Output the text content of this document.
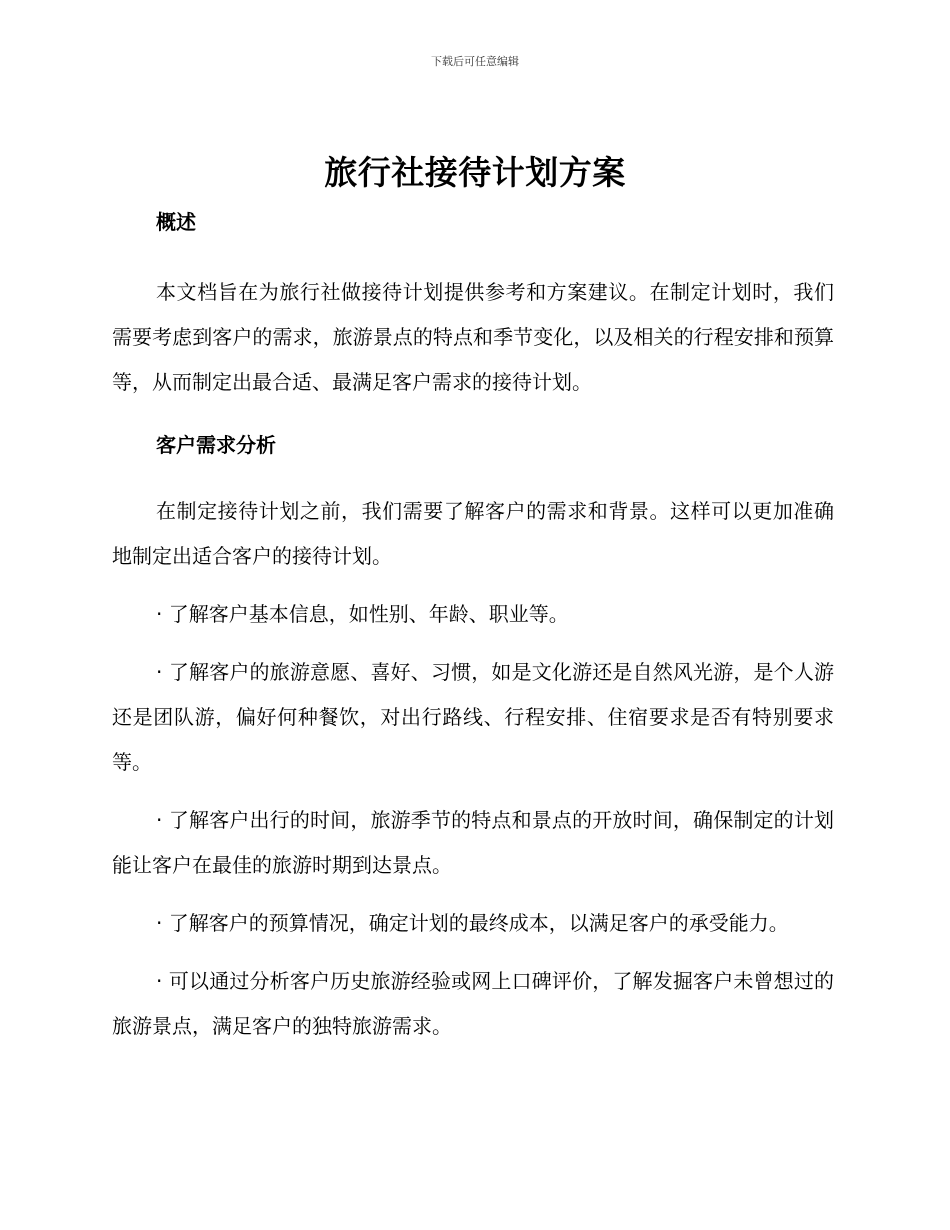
下载后可任意编辑
旅行社接待计划方案
概述

本文档旨在为旅行社做接待计划提供参考和方案建议。在制定计划时，我们需要考虑到客户的需求，旅游景点的特点和季节变化，以及相关的行程安排和预算等，从而制定出最合适、最满足客户需求的接待计划。

客户需求分析

在制定接待计划之前，我们需要了解客户的需求和背景。这样可以更加准确地制定出适合客户的接待计划。

· 了解客户基本信息，如性别、年龄、职业等。

· 了解客户的旅游意愿、喜好、习惯，如是文化游还是自然风光游，是个人游还是团队游，偏好何种餐饮，对出行路线、行程安排、住宿要求是否有特别要求等。

· 了解客户出行的时间，旅游季节的特点和景点的开放时间，确保制定的计划能让客户在最佳的旅游时期到达景点。

· 了解客户的预算情况，确定计划的最终成本，以满足客户的承受能力。

· 可以通过分析客户历史旅游经验或网上口碑评价，了解发掘客户未曾想过的旅游景点，满足客户的独特旅游需求。
